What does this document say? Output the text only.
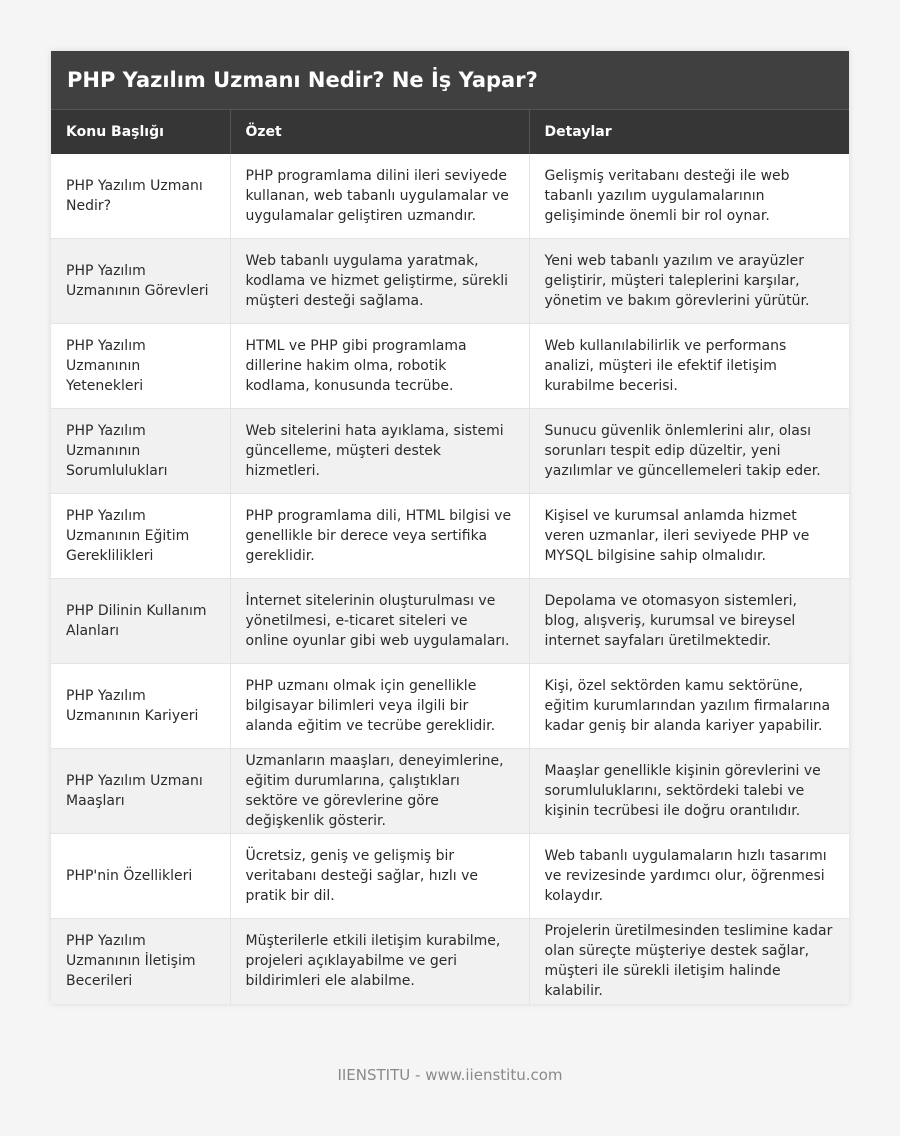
PHP Yazılım Uzmanı Nedir? Ne İş Yapar?
Konu Başlığı	Özet	Detaylar
PHP Yazılım Uzmanı Nedir?	PHP programlama dilini ileri seviyede kullanan, web tabanlı uygulamalar ve uygulamalar geliştiren uzmandır.	Gelişmiş veritabanı desteği ile web tabanlı yazılım uygulamalarının gelişiminde önemli bir rol oynar.
PHP Yazılım Uzmanının Görevleri	Web tabanlı uygulama yaratmak, kodlama ve hizmet geliştirme, sürekli müşteri desteği sağlama.	Yeni web tabanlı yazılım ve arayüzler geliştirir, müşteri taleplerini karşılar, yönetim ve bakım görevlerini yürütür.
PHP Yazılım Uzmanının Yetenekleri	HTML ve PHP gibi programlama dillerine hakim olma, robotik kodlama, konusunda tecrübe.	Web kullanılabilirlik ve performans analizi, müşteri ile efektif iletişim kurabilme becerisi.
PHP Yazılım Uzmanının Sorumlulukları	Web sitelerini hata ayıklama, sistemi güncelleme, müşteri destek hizmetleri.	Sunucu güvenlik önlemlerini alır, olası sorunları tespit edip düzeltir, yeni yazılımlar ve güncellemeleri takip eder.
PHP Yazılım Uzmanının Eğitim Gereklilikleri	PHP programlama dili, HTML bilgisi ve genellikle bir derece veya sertifika gereklidir.	Kişisel ve kurumsal anlamda hizmet veren uzmanlar, ileri seviyede PHP ve MYSQL bilgisine sahip olmalıdır.
PHP Dilinin Kullanım Alanları	İnternet sitelerinin oluşturulması ve yönetilmesi, e-ticaret siteleri ve online oyunlar gibi web uygulamaları.	Depolama ve otomasyon sistemleri, blog, alışveriş, kurumsal ve bireysel internet sayfaları üretilmektedir.
PHP Yazılım Uzmanının Kariyeri	PHP uzmanı olmak için genellikle bilgisayar bilimleri veya ilgili bir alanda eğitim ve tecrübe gereklidir.	Kişi, özel sektörden kamu sektörüne, eğitim kurumlarından yazılım firmalarına kadar geniş bir alanda kariyer yapabilir.
PHP Yazılım Uzmanı Maaşları	Uzmanların maaşları, deneyimlerine, eğitim durumlarına, çalıştıkları sektöre ve görevlerine göre değişkenlik gösterir.	Maaşlar genellikle kişinin görevlerini ve sorumluluklarını, sektördeki talebi ve kişinin tecrübesi ile doğru orantılıdır.
PHP'nin Özellikleri	Ücretsiz, geniş ve gelişmiş bir veritabanı desteği sağlar, hızlı ve pratik bir dil.	Web tabanlı uygulamaların hızlı tasarımı ve revizesinde yardımcı olur, öğrenmesi kolaydır.
PHP Yazılım Uzmanının İletişim Becerileri	Müşterilerle etkili iletişim kurabilme, projeleri açıklayabilme ve geri bildirimleri ele alabilme.	Projelerin üretilmesinden teslimine kadar olan süreçte müşteriye destek sağlar, müşteri ile sürekli iletişim halinde kalabilir.
IIENSTITU - www.iienstitu.com
